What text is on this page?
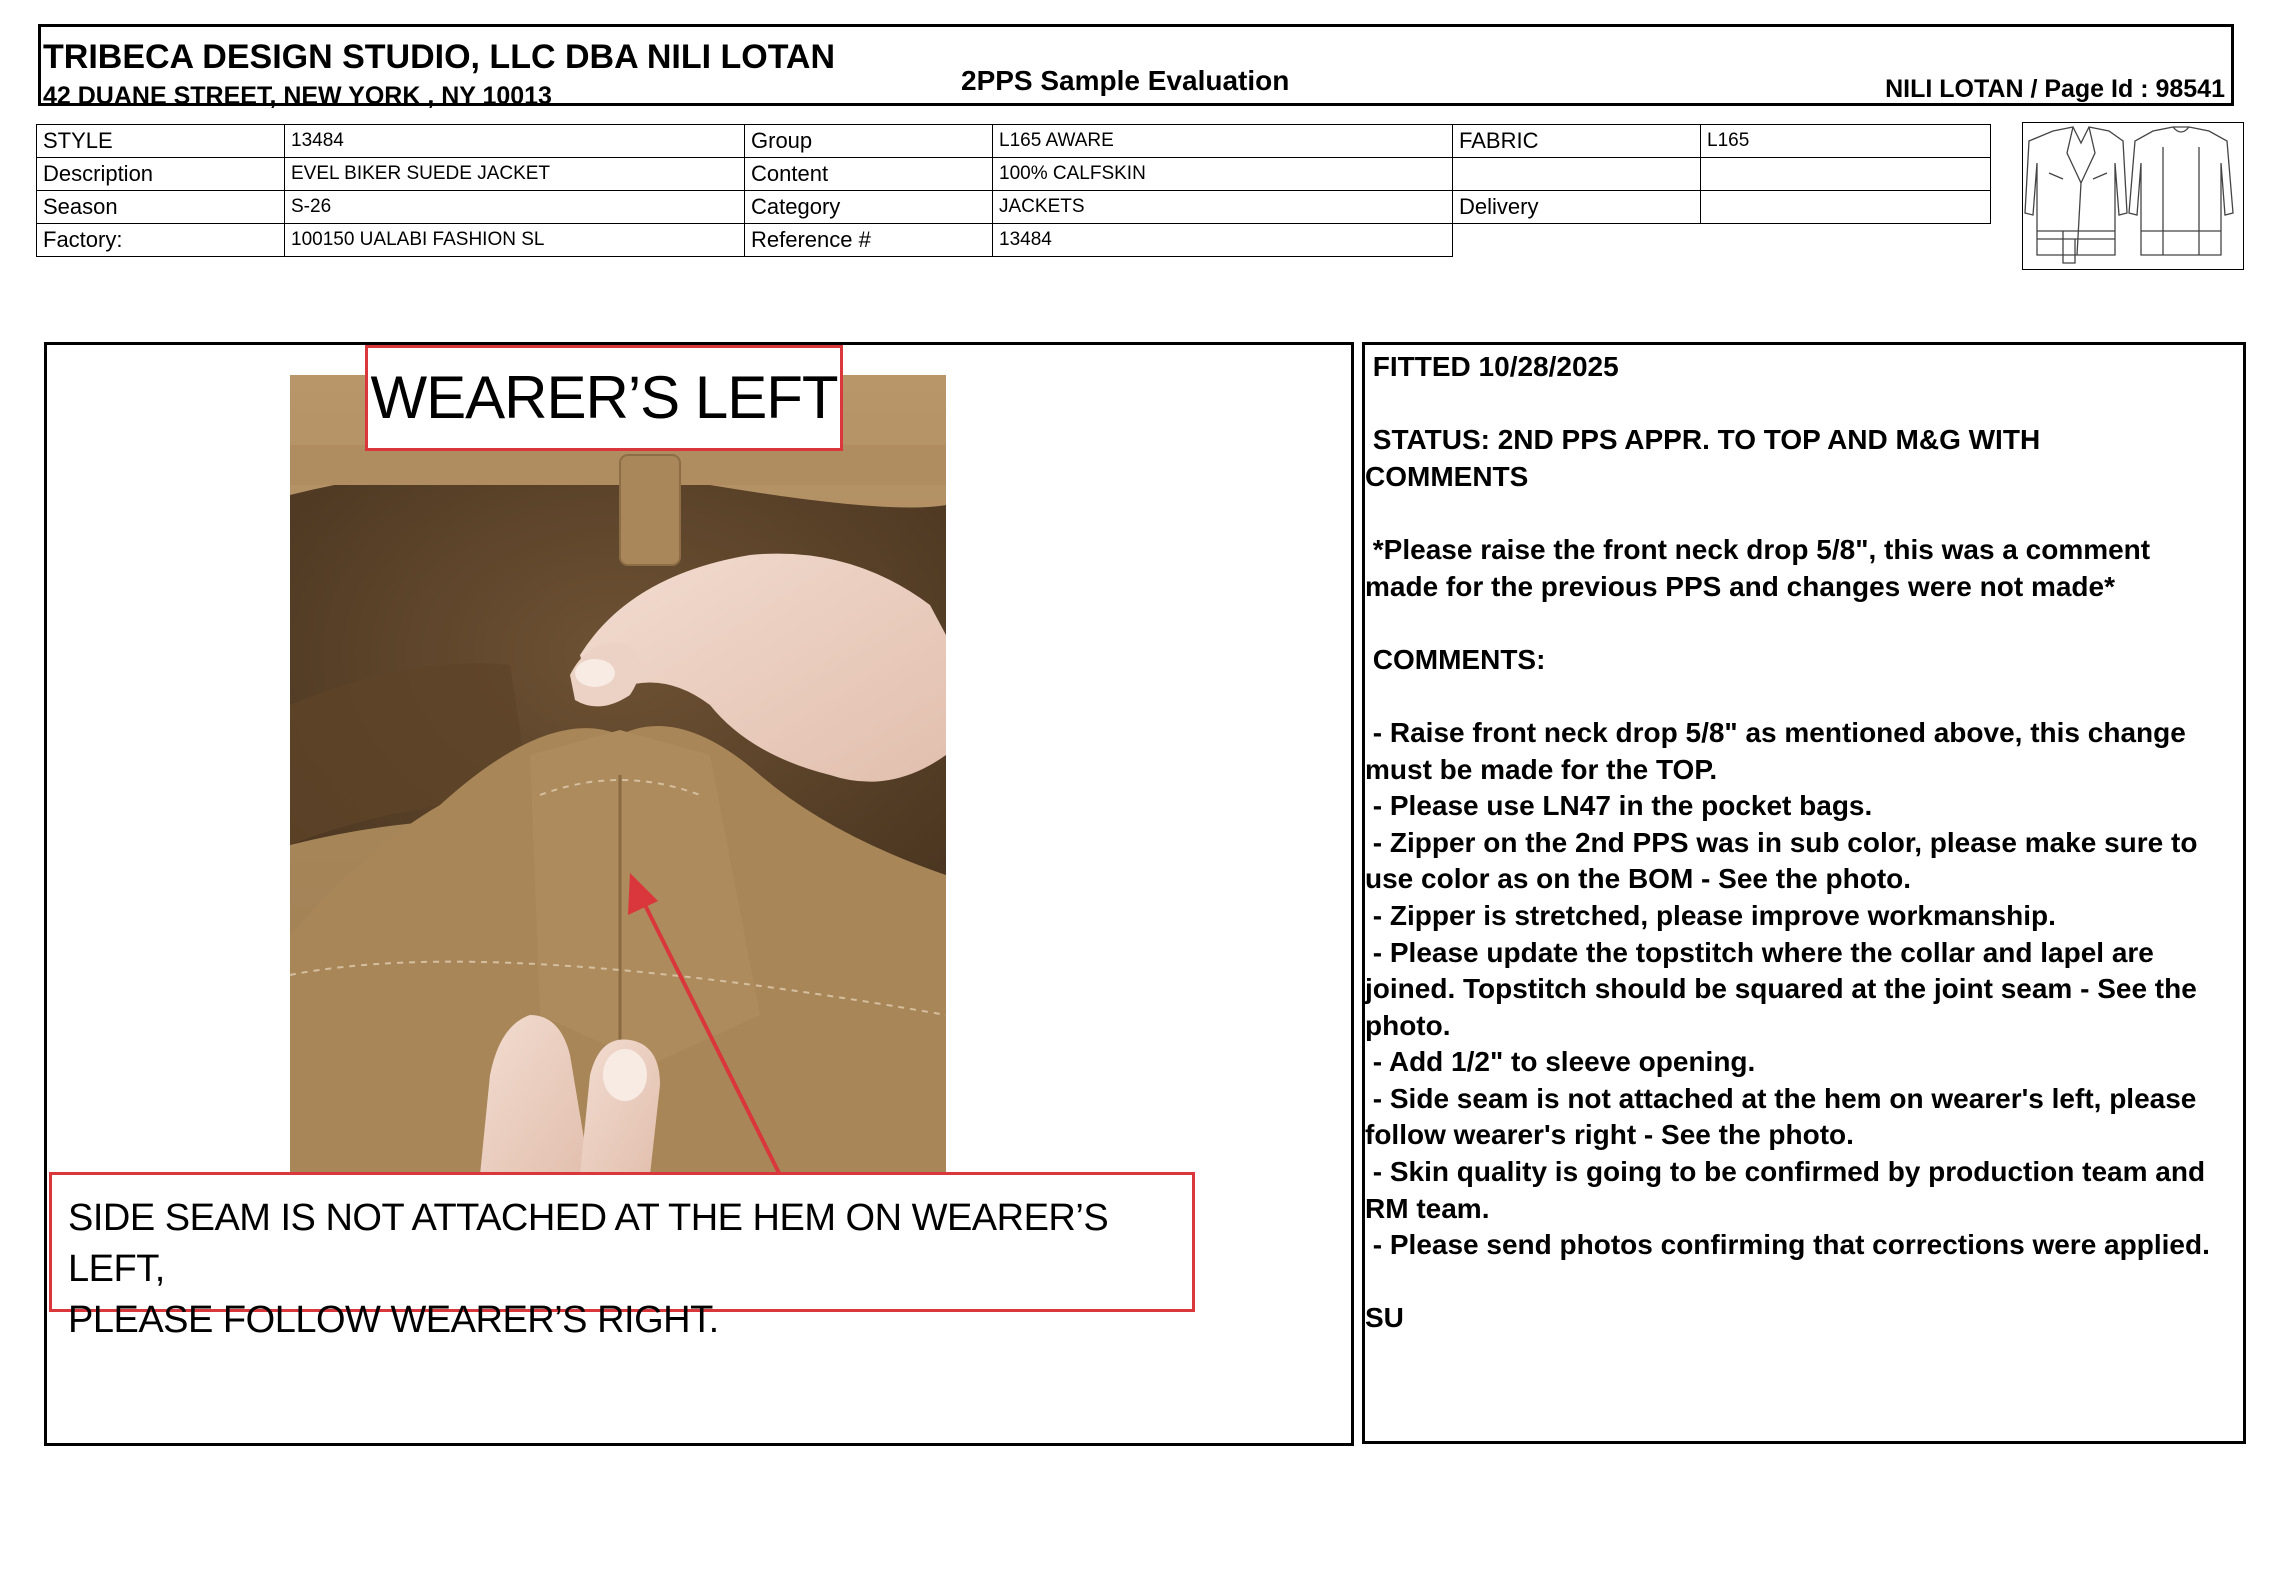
TRIBECA DESIGN STUDIO, LLC DBA NILI LOTAN
42 DUANE STREET, NEW YORK , NY 10013	2PPS Sample Evaluation	NILI LOTAN / Page Id : 98541
STYLE	13484	Group	L165 AWARE	FABRIC	L165
Description	EVEL BIKER SUEDE JACKET	Content	100% CALFSKIN		
Season	S-26	Category	JACKETS	Delivery	
Factory:	100150 UALABI FASHION SL	Reference #	13484		
WEARER’S LEFT
SIDE SEAM IS NOT ATTACHED AT THE HEM ON WEARER’S LEFT,
PLEASE FOLLOW WEARER’S RIGHT.

FITTED 10/28/2025

STATUS: 2ND PPS APPR. TO TOP AND M&G WITH

COMMENTS

*Please raise the front neck drop 5/8", this was a comment

made for the previous PPS and changes were not made*

COMMENTS:

- Raise front neck drop 5/8" as mentioned above, this change

must be made for the TOP.

- Please use LN47 in the pocket bags.

- Zipper on the 2nd PPS was in sub color, please make sure to

use color as on the BOM - See the photo.

- Zipper is stretched, please improve workmanship.

- Please update the topstitch where the collar and lapel are

joined. Topstitch should be squared at the joint seam - See the

photo.

- Add 1/2" to sleeve opening.

- Side seam is not attached at the hem on wearer's left, please

follow wearer's right - See the photo.

- Skin quality is going to be confirmed by production team and

RM team.

- Please send photos confirming that corrections were applied.

SU
